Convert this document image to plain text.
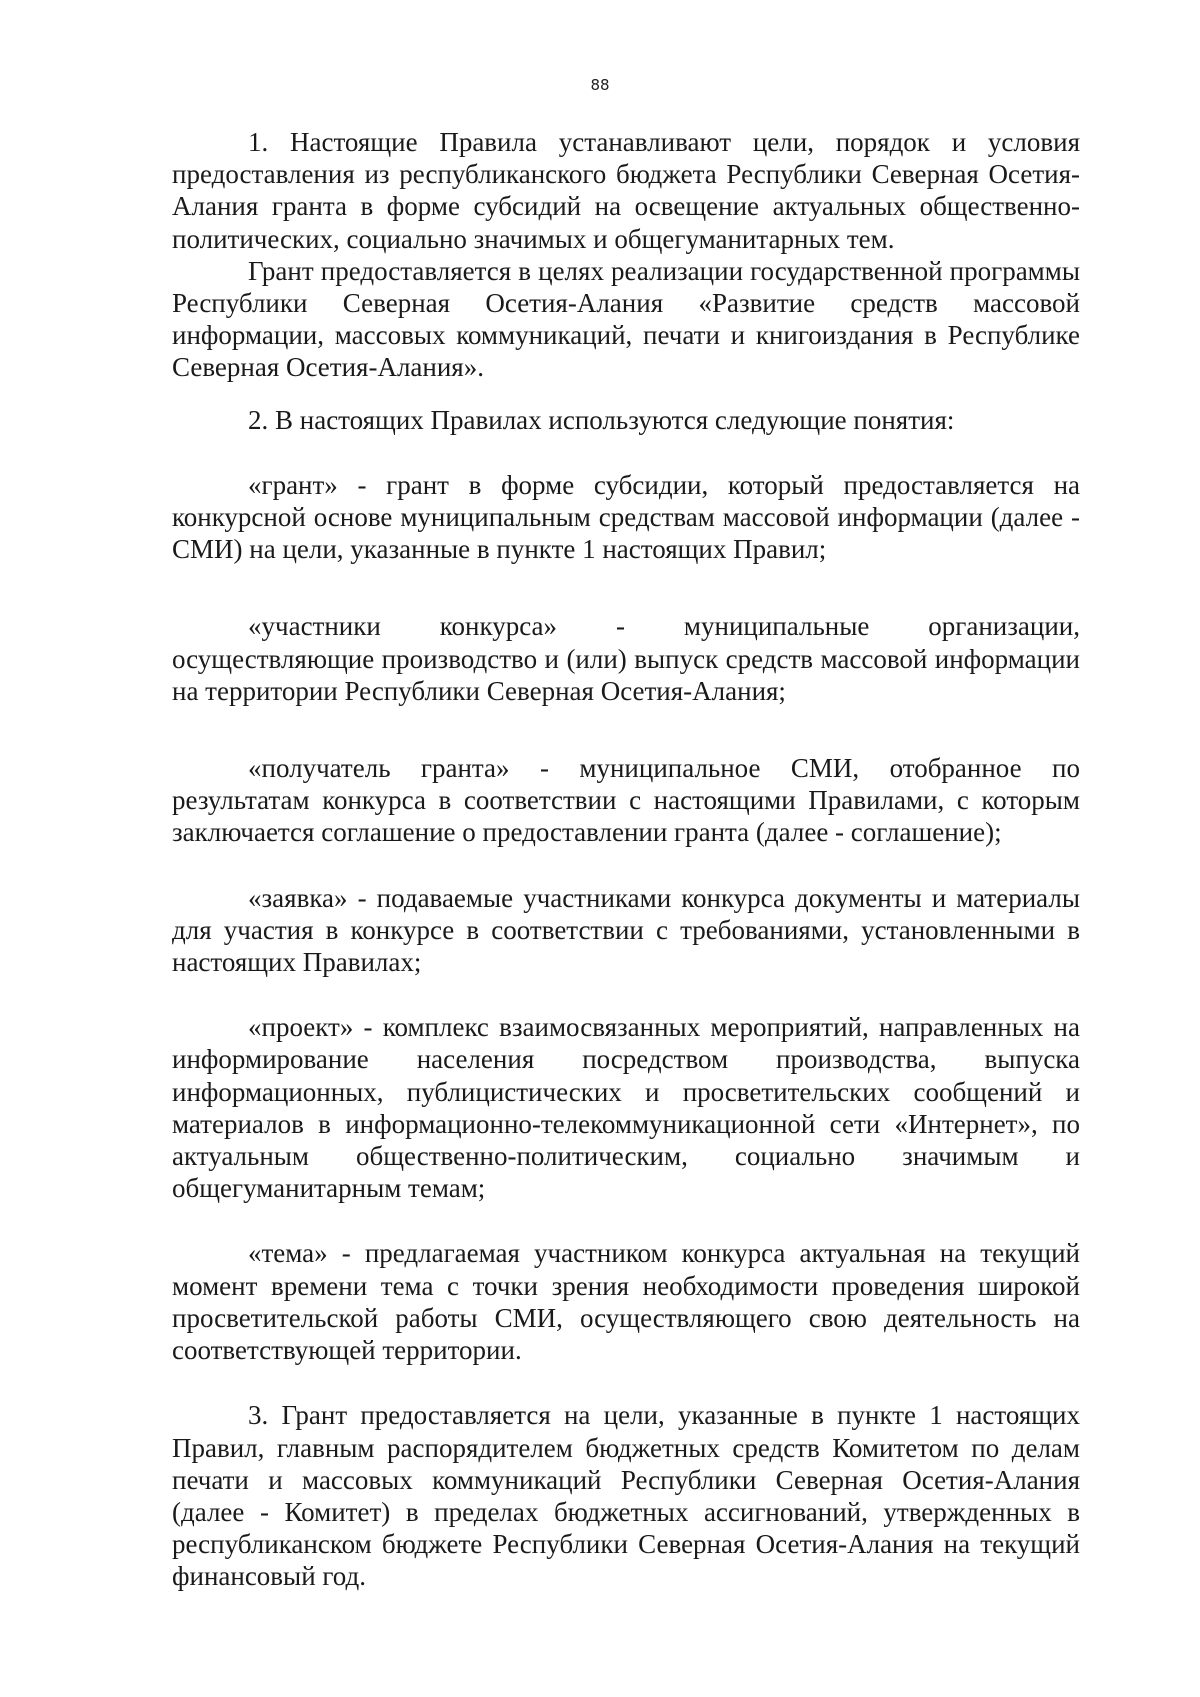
88

1. Настоящие Правила устанавливают цели, порядок и условия предоставления из республиканского бюджета Республики Северная Осетия-Алания гранта в форме субсидий на освещение актуальных общественно-политических, социально значимых и общегуманитарных тем.

Грант предоставляется в целях реализации государственной программы Республики Северная Осетия-Алания «Развитие средств массовой информации, массовых коммуникаций, печати и книгоиздания в Республике Северная Осетия-Алания».

2. В настоящих Правилах используются следующие понятия:

«грант» - грант в форме субсидии, который предоставляется на конкурсной основе муниципальным средствам массовой информации (далее - СМИ) на цели, указанные в пункте 1 настоящих Правил;

«участники конкурса» - муниципальные организации, осуществляющие производство и (или) выпуск средств массовой информации на территории Республики Северная Осетия-Алания;

«получатель гранта» - муниципальное СМИ, отобранное по результатам конкурса в соответствии с настоящими Правилами, с которым заключается соглашение о предоставлении гранта (далее - соглашение);

«заявка» - подаваемые участниками конкурса документы и материалы для участия в конкурсе в соответствии с требованиями, установленными в настоящих Правилах;

«проект» - комплекс взаимосвязанных мероприятий, направленных на информирование населения посредством производства, выпуска информационных, публицистических и просветительских сообщений и материалов в информационно-телекоммуникационной сети «Интернет», по актуальным общественно-политическим, социально значимым и общегуманитарным темам;

«тема» - предлагаемая участником конкурса актуальная на текущий момент времени тема с точки зрения необходимости проведения широкой просветительской работы СМИ, осуществляющего свою деятельность на соответствующей территории.

3. Грант предоставляется на цели, указанные в пункте 1 настоящих Правил, главным распорядителем бюджетных средств Комитетом по делам печати и массовых коммуникаций Республики Северная Осетия-Алания (далее - Комитет) в пределах бюджетных ассигнований, утвержденных в республиканском бюджете Республики Северная Осетия-Алания на текущий финансовый год.
